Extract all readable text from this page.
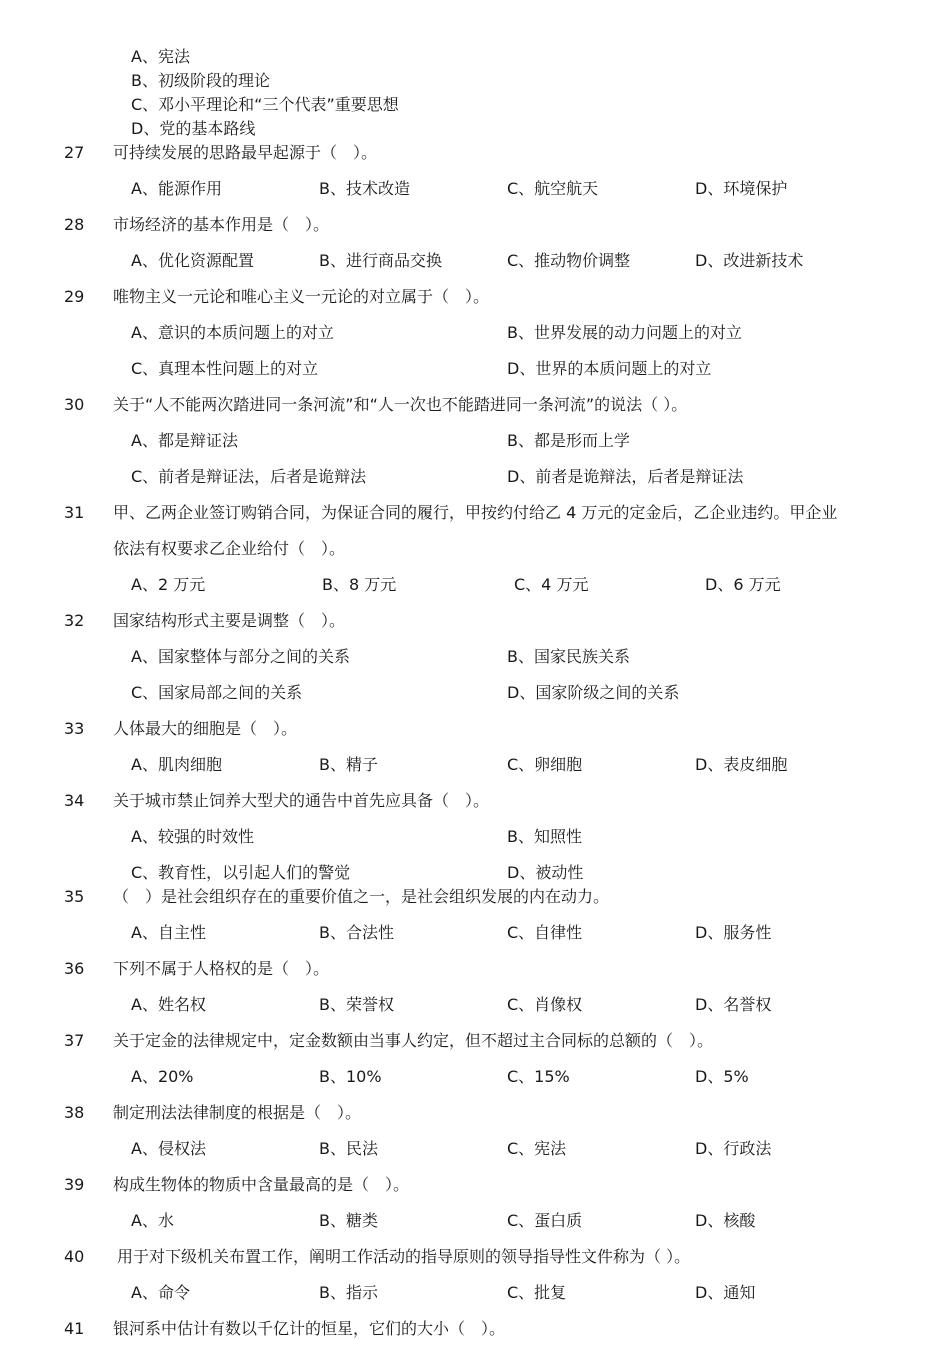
A、宪法
B、初级阶段的理论
C、邓小平理论和“三个代表”重要思想
D、党的基本路线
27	可持续发展的思路最早起源于（　）。
A、能源作用	B、技术改造	C、航空航天	D、环境保护
28	市场经济的基本作用是（　）。
A、优化资源配置	B、进行商品交换	C、推动物价调整	D、改进新技术
29	唯物主义一元论和唯心主义一元论的对立属于（　）。
A、意识的本质问题上的对立	B、世界发展的动力问题上的对立
C、真理本性问题上的对立	D、世界的本质问题上的对立
30	关于“人不能两次踏进同一条河流”和“人一次也不能踏进同一条河流”的说法（ ）。
A、都是辩证法	B、都是形而上学
C、前者是辩证法，后者是诡辩法	D、前者是诡辩法，后者是辩证法
31	甲、乙两企业签订购销合同，为保证合同的履行，甲按约付给乙 4 万元的定金后，乙企业违约。甲企业
依法有权要求乙企业给付（　）。
A、2 万元	B、8 万元	C、4 万元	D、6 万元
32	国家结构形式主要是调整（　）。
A、国家整体与部分之间的关系	B、国家民族关系
C、国家局部之间的关系	D、国家阶级之间的关系
33	人体最大的细胞是（　）。
A、肌肉细胞	B、精子	C、卵细胞	D、表皮细胞
34	关于城市禁止饲养大型犬的通告中首先应具备（　）。
A、较强的时效性	B、知照性
C、教育性，以引起人们的警觉	D、被动性
35	（　）是社会组织存在的重要价值之一，是社会组织发展的内在动力。
A、自主性	B、合法性	C、自律性	D、服务性
36	下列不属于人格权的是（　）。
A、姓名权	B、荣誉权	C、肖像权	D、名誉权
37	关于定金的法律规定中，定金数额由当事人约定，但不超过主合同标的总额的（　）。
A、20%	B、10%	C、15%	D、5%
38	制定刑法法律制度的根据是（　）。
A、侵权法	B、民法	C、宪法	D、行政法
39	构成生物体的物质中含量最高的是（　）。
A、水	B、糖类	C、蛋白质	D、核酸
40	用于对下级机关布置工作，阐明工作活动的指导原则的领导指导性文件称为（ ）。
A、命令	B、指示	C、批复	D、通知
41	银河系中估计有数以千亿计的恒星，它们的大小（　）。
